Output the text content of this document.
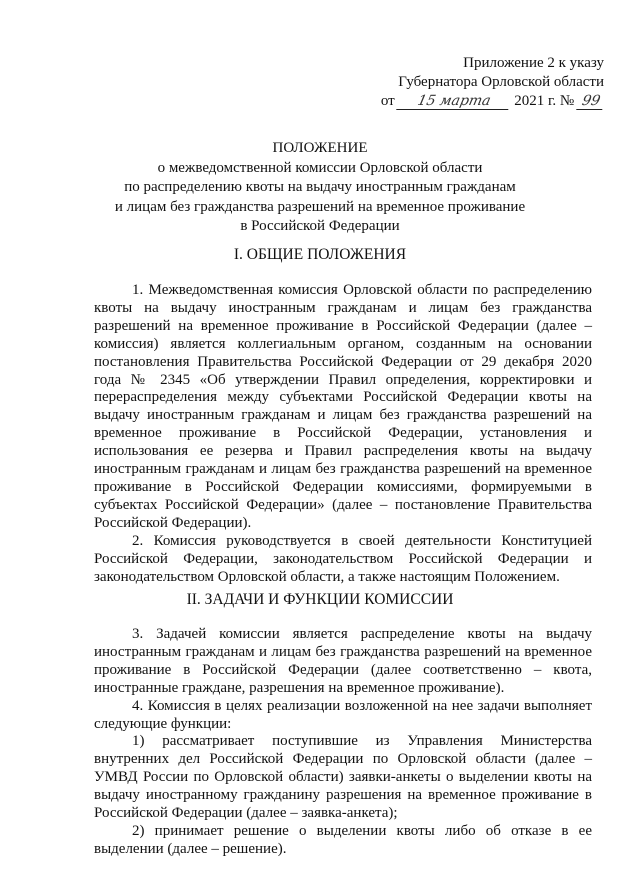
Приложение 2 к указу
Губернатора Орловской области
от 15 марта 2021 г. № 99
ПОЛОЖЕНИЕ
о межведомственной комиссии Орловской области
по распределению квоты на выдачу иностранным гражданам
и лицам без гражданства разрешений на временное проживание
в Российской Федерации
I. ОБЩИЕ ПОЛОЖЕНИЯ

1. Межведомственная комиссия Орловской области по распределению квоты на выдачу иностранным гражданам и лицам без гражданства разрешений на временное проживание в Российской Федерации (далее – комиссия) является коллегиальным органом, созданным на основании постановления Правительства Российской Федерации от 29 декабря 2020 года № 2345 «Об утверждении Правил определения, корректировки и перераспределения между субъектами Российской Федерации квоты на выдачу иностранным гражданам и лицам без гражданства разрешений на временное проживание в Российской Федерации, установления и использования ее резерва и Правил распределения квоты на выдачу иностранным гражданам и лицам без гражданства разрешений на временное проживание в Российской Федерации комиссиями, формируемыми в субъектах Российской Федерации» (далее – постановление Правительства Российской Федерации).

2. Комиссия руководствуется в своей деятельности Конституцией Российской Федерации, законодательством Российской Федерации и законодательством Орловской области, а также настоящим Положением.

II. ЗАДАЧИ И ФУНКЦИИ КОМИССИИ

3. Задачей комиссии является распределение квоты на выдачу иностранным гражданам и лицам без гражданства разрешений на временное проживание в Российской Федерации (далее соответственно – квота, иностранные граждане, разрешения на временное проживание).

4. Комиссия в целях реализации возложенной на нее задачи выполняет следующие функции:

1) рассматривает поступившие из Управления Министерства внутренних дел Российской Федерации по Орловской области (далее – УМВД России по Орловской области) заявки-анкеты о выделении квоты на выдачу иностранному гражданину разрешения на временное проживание в Российской Федерации (далее – заявка-анкета);

2) принимает решение о выделении квоты либо об отказе в ее выделении (далее – решение).
